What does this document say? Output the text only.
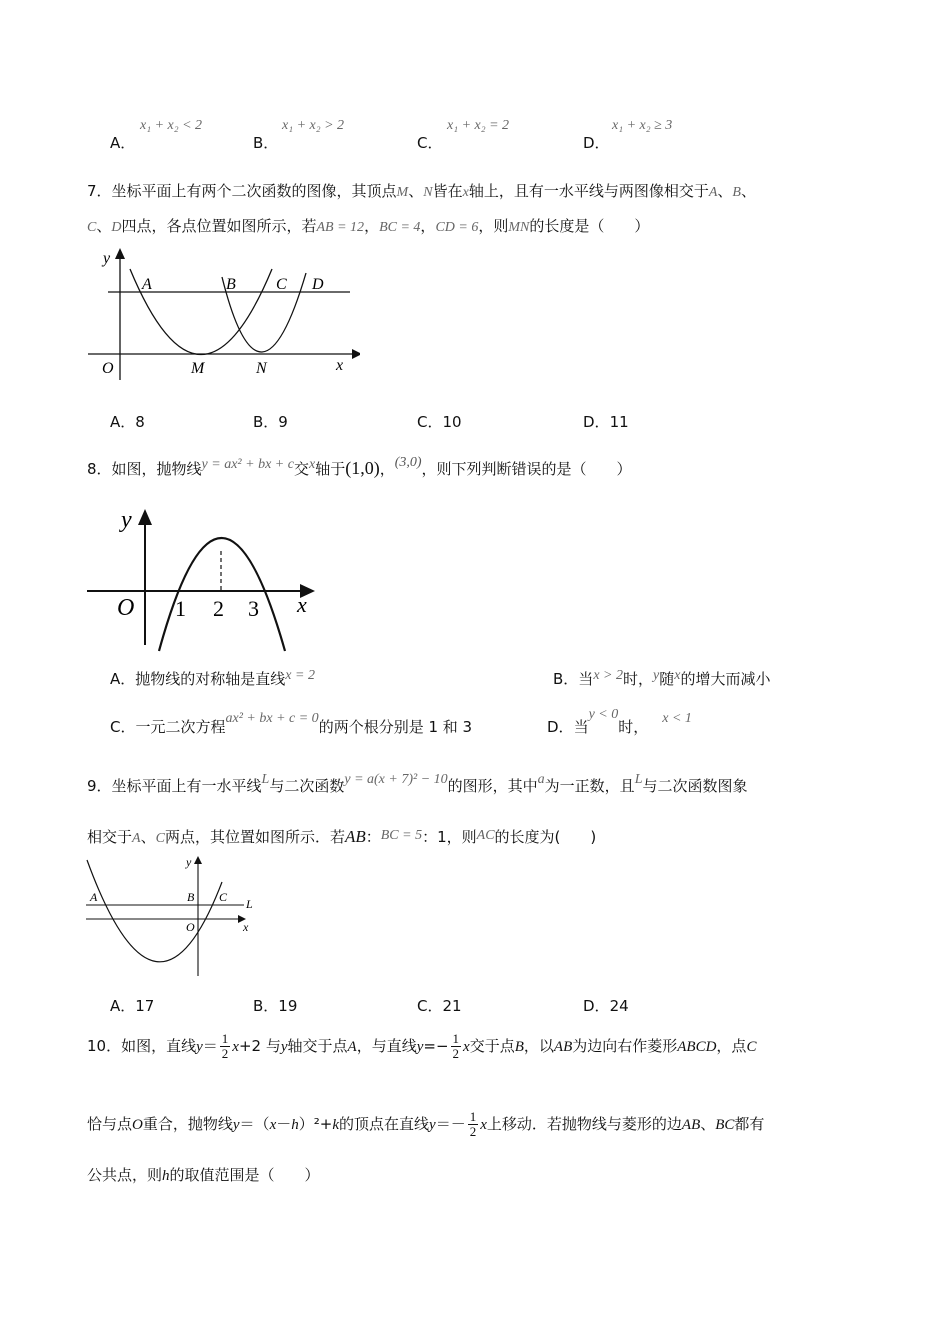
A．
x₁ + x₂ < 2
B．
x₁ + x₂ > 2
C．
x₁ + x₂ = 2
D．
x₁ + x₂ ≥ 3
7．坐标平面上有两个二次函数的图像，其顶点M、N皆在x轴上，且有一水平线与两图像相交于A、B、
C、D四点，各点位置如图所示，若AB = 12，BC = 4，CD = 6，则MN的长度是（　　）
y
A	B	C D
O	M	N	x
A．8	B．9	C．10	D．11
8．如图，抛物线y = ax² + bx + c交x轴于(1,0)，(3,0)，则下列判断错误的是（　　）
y
O 1 2 3 x
A．抛物线的对称轴是直线x = 2	B．当x > 2时，y随x的增大而减小
C．一元二次方程ax² + bx + c = 0的两个根分别是 1 和 3	D．当y < 0时， x < 1
9．坐标平面上有一水平线L与二次函数y = a(x + 7)² − 10的图形，其中a为一正数，且L与二次函数图象
相交于A、C两点，其位置如图所示．若AB：BC = 5：1，则AC的长度为(　　)
y
A	B C L
O	x
A．17	B．19	C．21	D．24
10．如图，直线$y= \frac{1}{2} x+2$ 与y轴交于点A，与直线$y=- \frac{1}{2}$ x交于点B，以AB为边向右作菱形ABCD，点C
恰与点O重合，抛物线y＝（x－h）²+k的顶点在直线$y=- \frac{1}{2}$ x上移动．若抛物线与菱形的边AB、BC都有
公共点，则h的取值范围是（　　）
